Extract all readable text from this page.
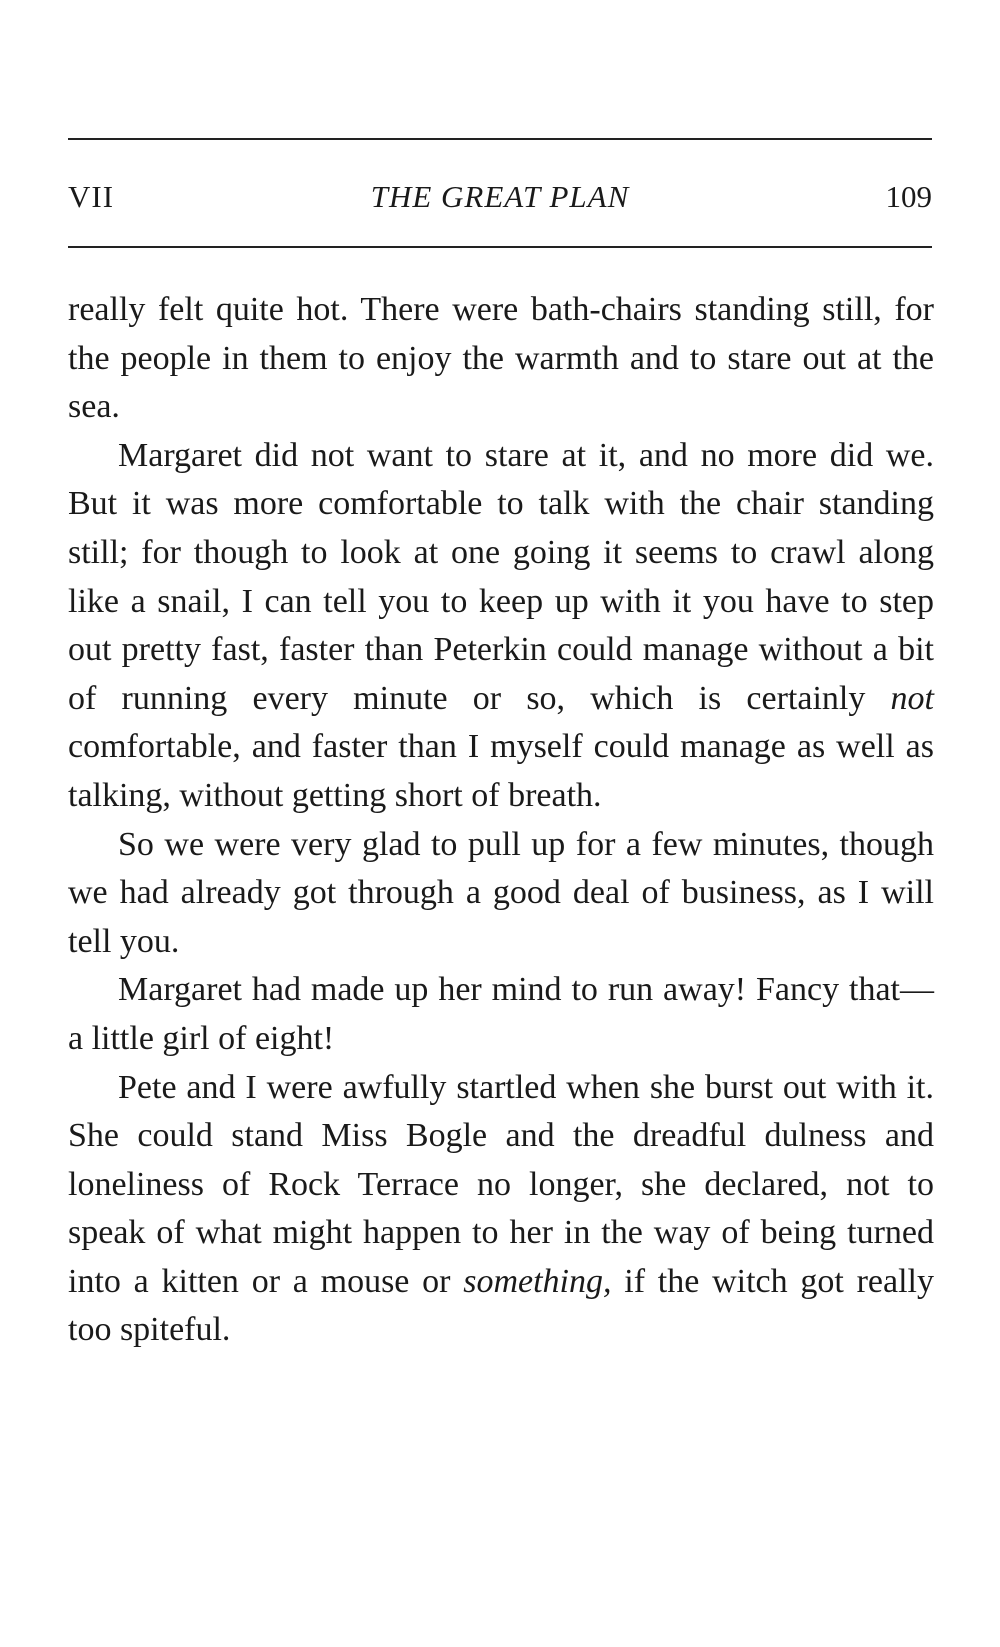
VII	THE GREAT PLAN	109

really felt quite hot. There were bath-chairs standing still, for the people in them to enjoy the warmth and to stare out at the sea.

Margaret did not want to stare at it, and no more did we. But it was more comfortable to talk with the chair standing still; for though to look at one going it seems to crawl along like a snail, I can tell you to keep up with it you have to step out pretty fast, faster than Peterkin could manage without a bit of running every minute or so, which is certainly not comfortable, and faster than I myself could manage as well as talking, without getting short of breath.

So we were very glad to pull up for a few minutes, though we had already got through a good deal of business, as I will tell you.

Margaret had made up her mind to run away! Fancy that—a little girl of eight!

Pete and I were awfully startled when she burst out with it. She could stand Miss Bogle and the dreadful dulness and loneliness of Rock Terrace no longer, she declared, not to speak of what might happen to her in the way of being turned into a kitten or a mouse or something, if the witch got really too spiteful.
